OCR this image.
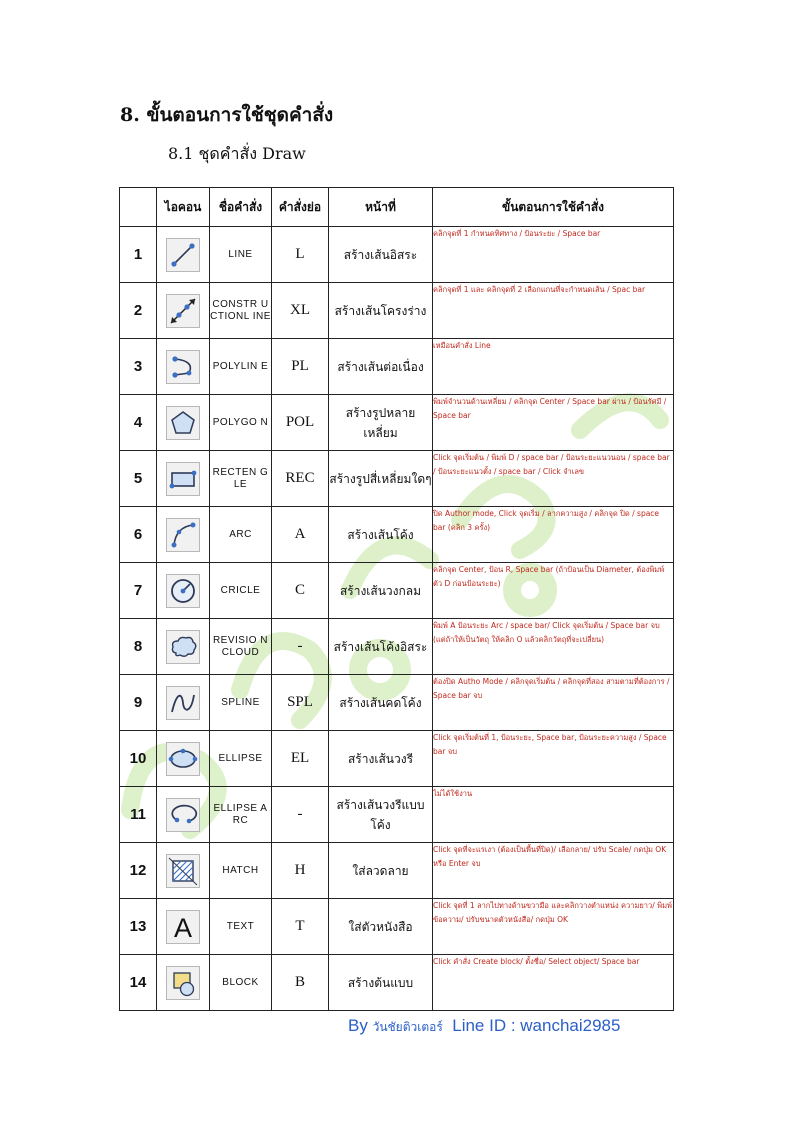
8. ขั้นตอนการใช้ชุดคำสั่ง
8.1 ชุดคำสั่ง Draw
	ไอคอน	ชื่อคำสั่ง	คำสั่งย่อ	หน้าที่	ขั้นตอนการใช้คำสั่ง
1		LINE	L	สร้างเส้นอิสระ	คลิกจุดที่ 1 กำหนดทิศทาง / ป้อนระยะ / Space bar
2		CONSTR UCTIONL INE	XL	สร้างเส้นโครงร่าง	คลิกจุดที่ 1 และ คลิกจุดที่ 2 เลือกแกนที่จะกำหนดเส้น / Spac bar
3		POLYLIN E	PL	สร้างเส้นต่อเนื่อง	เหมือนคำสั่ง Line
4		POLYGO N	POL	สร้างรูปหลายเหลี่ยม	พิมพ์จำนวนด้านเหลี่ยม / คลิกจุด Center / Space bar ผ่าน / ป้อนรัศมี / Space bar
5		RECTEN GLE	REC	สร้างรูปสี่เหลี่ยมใดๆ	Click จุดเริ่มต้น / พิมพ์ D / space bar / ป้อนระยะแนวนอน / space bar / ป้อนระยะแนวตั้ง / space bar / Click จำเลข
6		ARC	A	สร้างเส้นโค้ง	ปิด Author mode, Click จุดเริ่ม / ลากความสูง / คลิกจุด ปิด / space bar (คลิก 3 ครั้ง)
7		CRICLE	C	สร้างเส้นวงกลม	คลิกจุด Center, ป้อน R, Space bar (ถ้าป้อนเป็น Diameter, ต้องพิมพ์ตัว D ก่อนป้อนระยะ)
8		REVISIO N CLOUD	-	สร้างเส้นโค้งอิสระ	พิมพ์ A ป้อนระยะ Arc / space bar/ Click จุดเริ่มต้น / Space bar จบ (แต่ถ้าให้เป็นวัตถุ ให้คลิก O แล้วคลิกวัตถุที่จะเปลี่ยน)
9		SPLINE	SPL	สร้างเส้นคดโค้ง	ต้องปิด Autho Mode / คลิกจุดเริ่มต้น / คลิกจุดที่สอง สามตามที่ต้องการ / Space bar จบ
10		ELLIPSE	EL	สร้างเส้นวงรี	Click จุดเริ่มต้นที่ 1, ป้อนระยะ, Space bar, ป้อนระยะความสูง / Space bar จบ
11		ELLIPSE ARC	-	สร้างเส้นวงรีแบบโค้ง	ไม่ได้ใช้งาน
12		HATCH	H	ใส่ลวดลาย	Click จุดที่จะแรเงา (ต้องเป็นพื้นที่ปิด)/ เลือกลาย/ ปรับ Scale/ กดปุ่ม OK หรือ Enter จบ
13	A	TEXT	T	ใส่ตัวหนังสือ	Click จุดที่ 1 ลากไปทางด้านขวามือ และคลิกวางตำแหน่ง ความยาว/ พิมพ์ข้อความ/ ปรับขนาดตัวหนังสือ/ กดปุ่ม OK
14		BLOCK	B	สร้างต้นแบบ	Click คำสั่ง Create block/ ตั้งชื่อ/ Select object/ Space bar
By วันชัยติวเตอร์ Line ID : wanchai2985
